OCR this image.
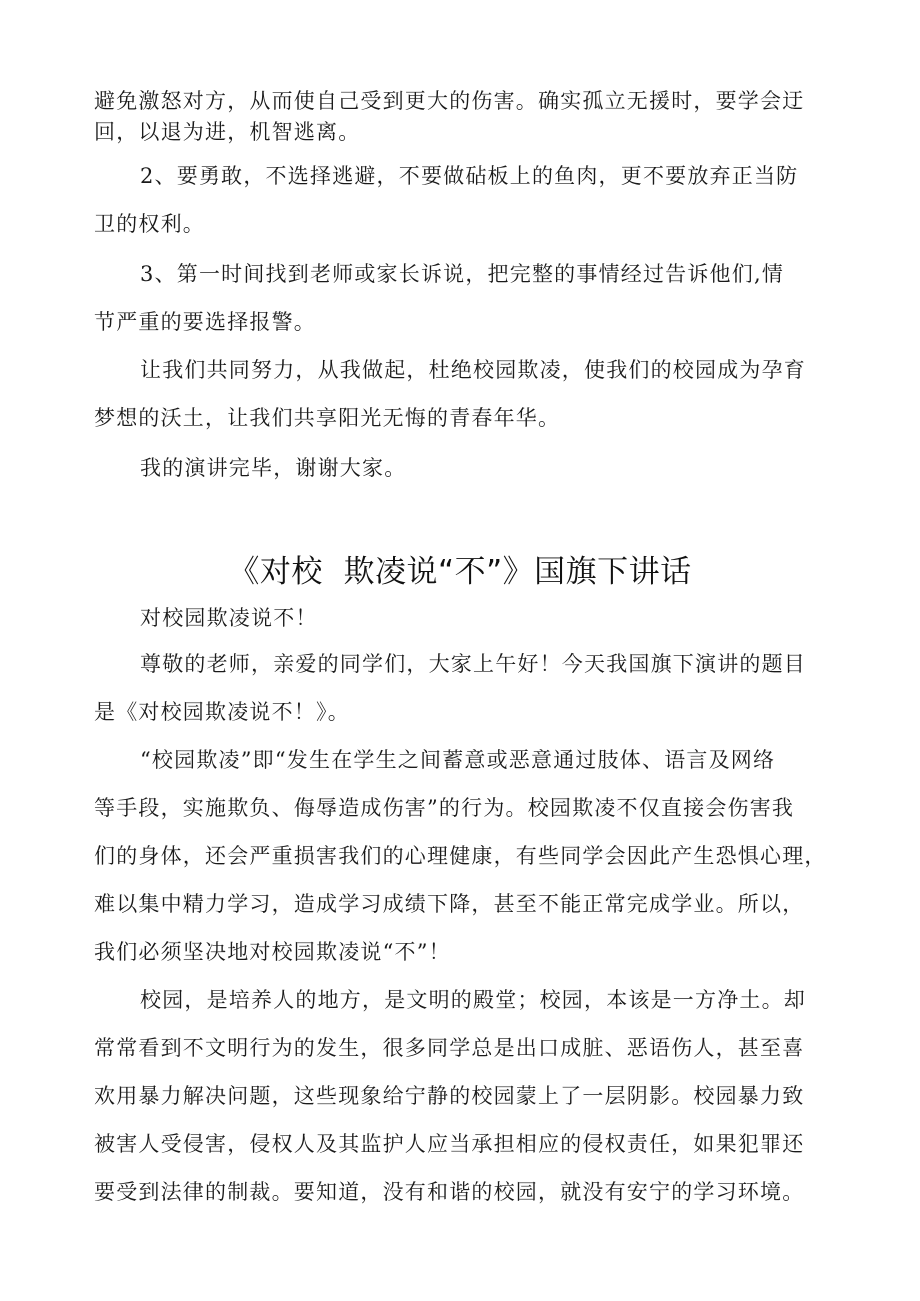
避免激怒对方，从而使自己受到更大的伤害。确实孤立无援时，要学会迂
回，以退为进，机智逃离。
2、要勇敢，不选择逃避，不要做砧板上的鱼肉，更不要放弃正当防
卫的权利。
3、第一时间找到老师或家长诉说，把完整的事情经过告诉他们,情
节严重的要选择报警。
让我们共同努力，从我做起，杜绝校园欺凌，使我们的校园成为孕育
梦想的沃土，让我们共享阳光无悔的青春年华。
我的演讲完毕，谢谢大家。
《对校  欺凌说“不”》国旗下讲话
对校园欺凌说不！
尊敬的老师，亲爱的同学们，大家上午好！今天我国旗下演讲的题目
是《对校园欺凌说不！》。
“校园欺凌”即“发生在学生之间蓄意或恶意通过肢体、语言及网络
等手段，实施欺负、侮辱造成伤害”的行为。校园欺凌不仅直接会伤害我
们的身体，还会严重损害我们的心理健康，有些同学会因此产生恐惧心理，
难以集中精力学习，造成学习成绩下降，甚至不能正常完成学业。所以，
我们必须坚决地对校园欺凌说“不”！
校园，是培养人的地方，是文明的殿堂；校园，本该是一方净土。却
常常看到不文明行为的发生，很多同学总是出口成脏、恶语伤人，甚至喜
欢用暴力解决问题，这些现象给宁静的校园蒙上了一层阴影。校园暴力致
被害人受侵害，侵权人及其监护人应当承担相应的侵权责任，如果犯罪还
要受到法律的制裁。要知道，没有和谐的校园，就没有安宁的学习环境。
